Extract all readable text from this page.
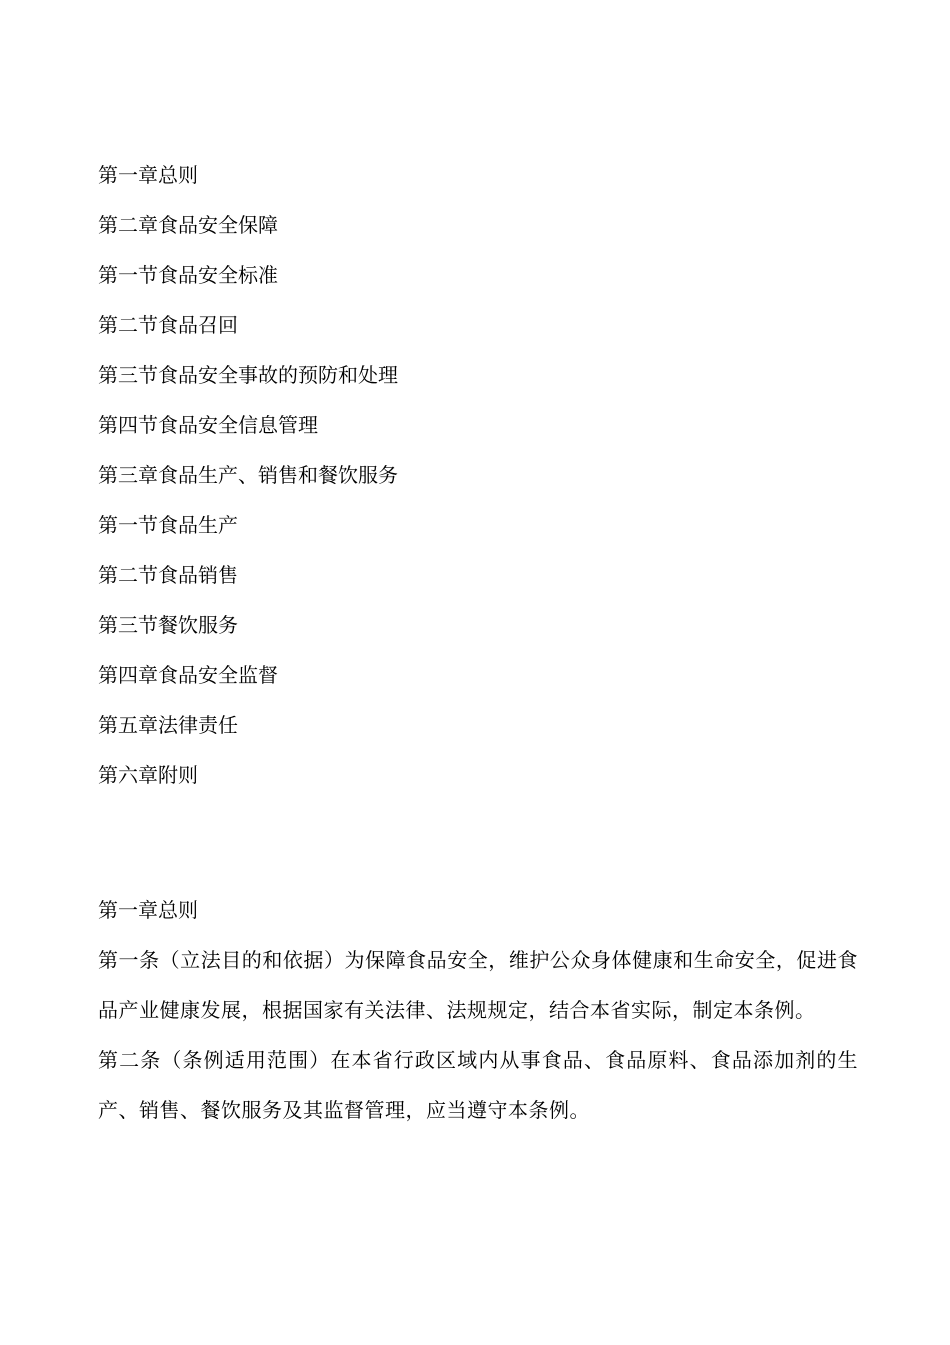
第一章总则
第二章食品安全保障
第一节食品安全标准
第二节食品召回
第三节食品安全事故的预防和处理
第四节食品安全信息管理
第三章食品生产、销售和餐饮服务
第一节食品生产
第二节食品销售
第三节餐饮服务
第四章食品安全监督
第五章法律责任
第六章附则
第一章总则
第一条（立法目的和依据）为保障食品安全，维护公众身体健康和生命安全，促进食品产业健康发展，根据国家有关法律、法规规定，结合本省实际，制定本条例。
第二条（条例适用范围）在本省行政区域内从事食品、食品原料、食品添加剂的生产、销售、餐饮服务及其监督管理，应当遵守本条例。
